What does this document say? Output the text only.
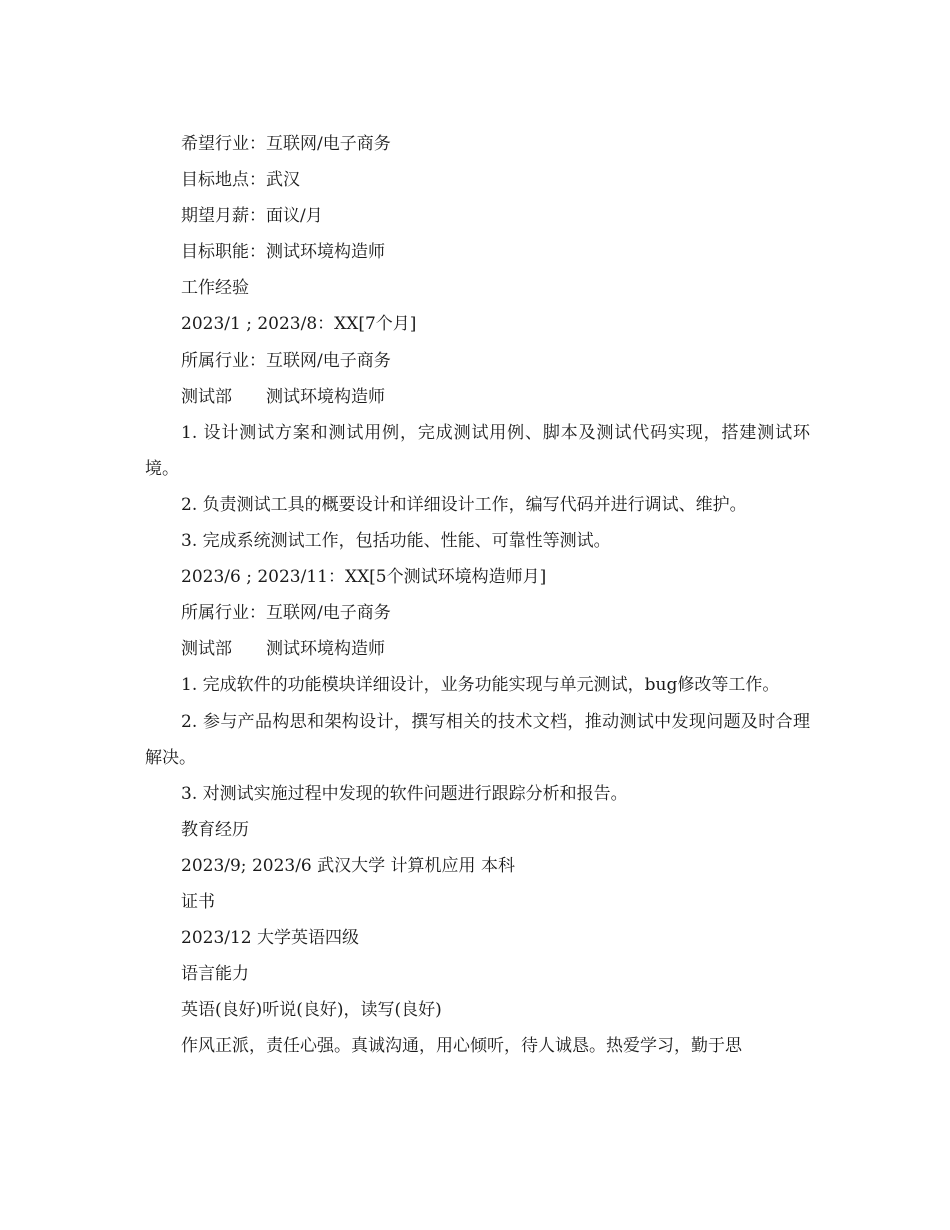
希望行业：互联网/电子商务

目标地点：武汉

期望月薪：面议/月

目标职能：测试环境构造师

工作经验

2023/1 ; 2023/8：XX[7个月]

所属行业：互联网/电子商务

测试部　　测试环境构造师

1. 设计测试方案和测试用例，完成测试用例、脚本及测试代码实现，搭建测试环境。

2. 负责测试工具的概要设计和详细设计工作，编写代码并进行调试、维护。

3. 完成系统测试工作，包括功能、性能、可靠性等测试。

2023/6 ; 2023/11：XX[5个测试环境构造师月]

所属行业：互联网/电子商务

测试部　　测试环境构造师

1. 完成软件的功能模块详细设计，业务功能实现与单元测试，bug修改等工作。

2. 参与产品构思和架构设计，撰写相关的技术文档，推动测试中发现问题及时合理解决。

3. 对测试实施过程中发现的软件问题进行跟踪分析和报告。

教育经历

2023/9; 2023/6 武汉大学 计算机应用 本科

证书

2023/12 大学英语四级

语言能力

英语(良好)听说(良好)，读写(良好)

作风正派，责任心强。真诚沟通，用心倾听，待人诚恳。热爱学习，勤于思
